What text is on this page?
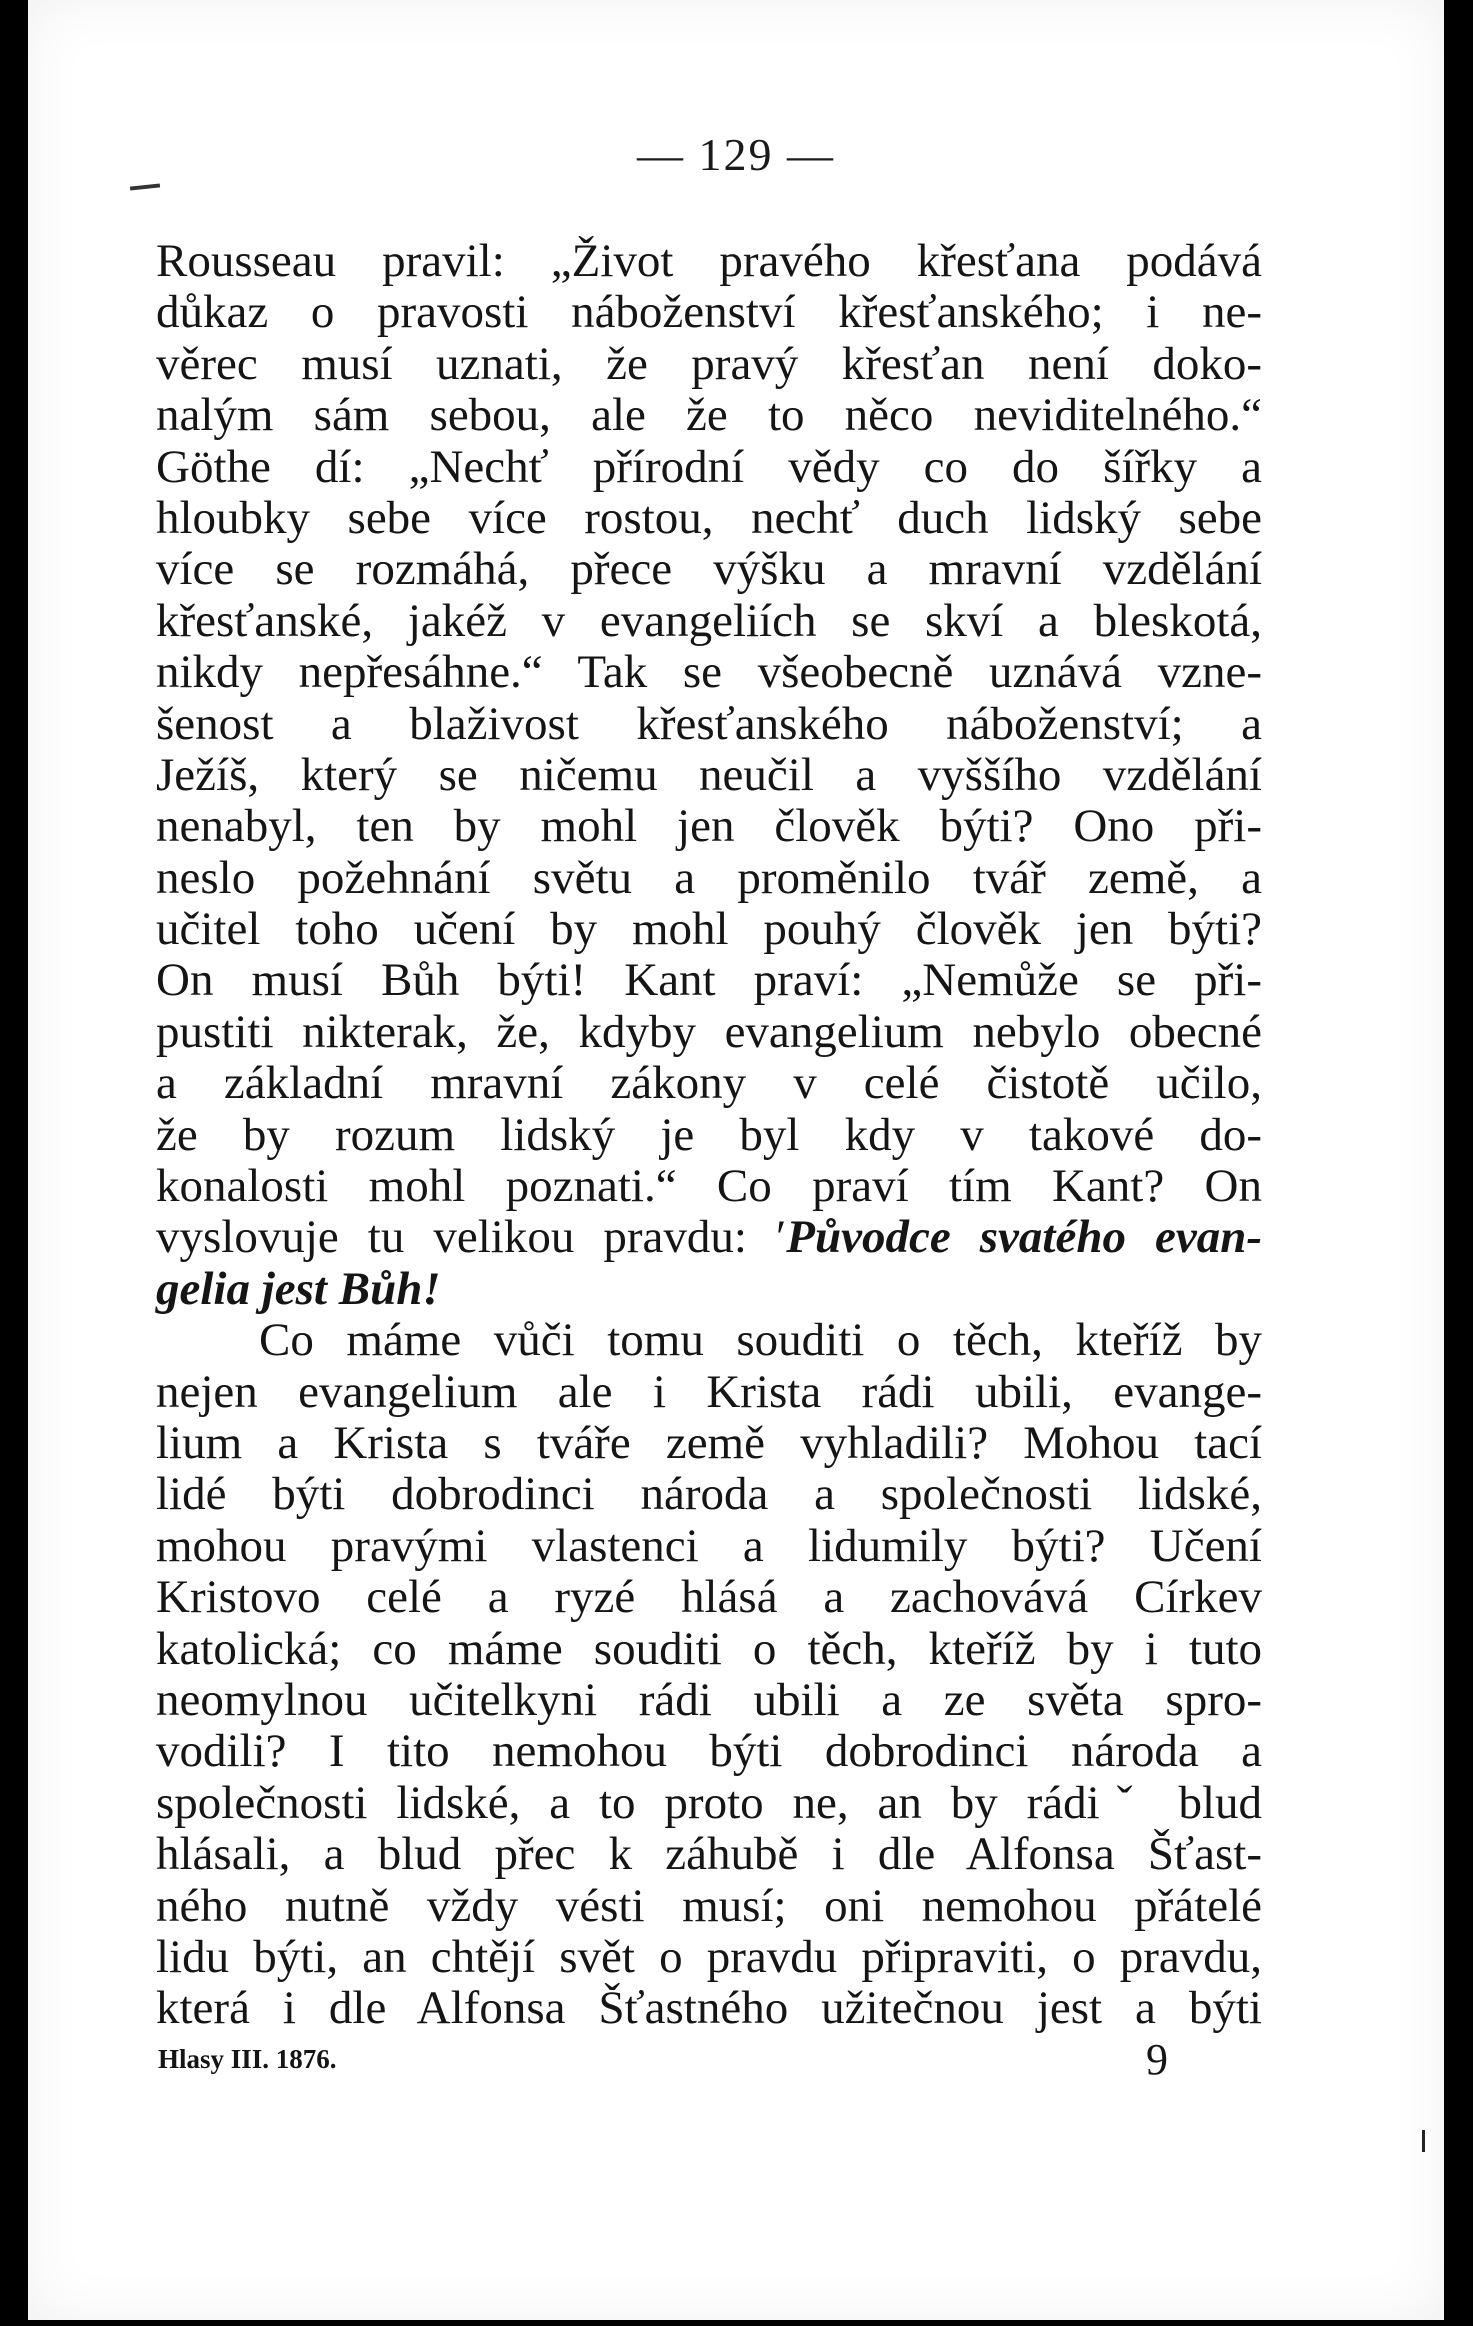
— 129 —
Rousseau pravil: „Život pravého křesťana podává
důkaz o pravosti náboženství křesťanského; i ne-
věrec musí uznati, že pravý křesťan není doko-
nalým sám sebou, ale že to něco neviditelného.“
Göthe dí: „Nechť přírodní vědy co do šířky a
hloubky sebe více rostou, nechť duch lidský sebe
více se rozmáhá, přece výšku a mravní vzdělání
křesťanské, jakéž v evangeliích se skví a bleskotá,
nikdy nepřesáhne.“ Tak se všeobecně uznává vzne-
šenost a blaživost křesťanského náboženství; a
Ježíš, který se ničemu neučil a vyššího vzdělání
nenabyl, ten by mohl jen člověk býti? Ono při-
neslo požehnání světu a proměnilo tvář země, a
učitel toho učení by mohl pouhý člověk jen býti?
On musí Bůh býti! Kant praví: „Nemůže se při-
pustiti nikterak, že, kdyby evangelium nebylo obecné
a základní mravní zákony v celé čistotě učilo,
že by rozum lidský je byl kdy v takové do-
konalosti mohl poznati.“ Co praví tím Kant? On
vyslovuje tu velikou pravdu: ′Původce svatého evan-
gelia jest Bůh!
Co máme vůči tomu souditi o těch, kteříž by
nejen evangelium ale i Krista rádi ubili, evange-
lium a Krista s tváře země vyhladili? Mohou tací
lidé býti dobrodinci národa a společnosti lidské,
mohou pravými vlastenci a lidumily býti? Učení
Kristovo celé a ryzé hlásá a zachovává Církev
katolická; co máme souditi o těch, kteříž by i tuto
neomylnou učitelkyni rádi ubili a ze světa spro-
vodili? I tito nemohou býti dobrodinci národa a
společnosti lidské, a to proto ne, an by rádiˇ blud
hlásali, a blud přec k záhubě i dle Alfonsa Šťast-
ného nutně vždy vésti musí; oni nemohou přátelé
lidu býti, an chtějí svět o pravdu připraviti, o pravdu,
která i dle Alfonsa Šťastného užitečnou jest a býti
Hlasy III. 1876.	9
